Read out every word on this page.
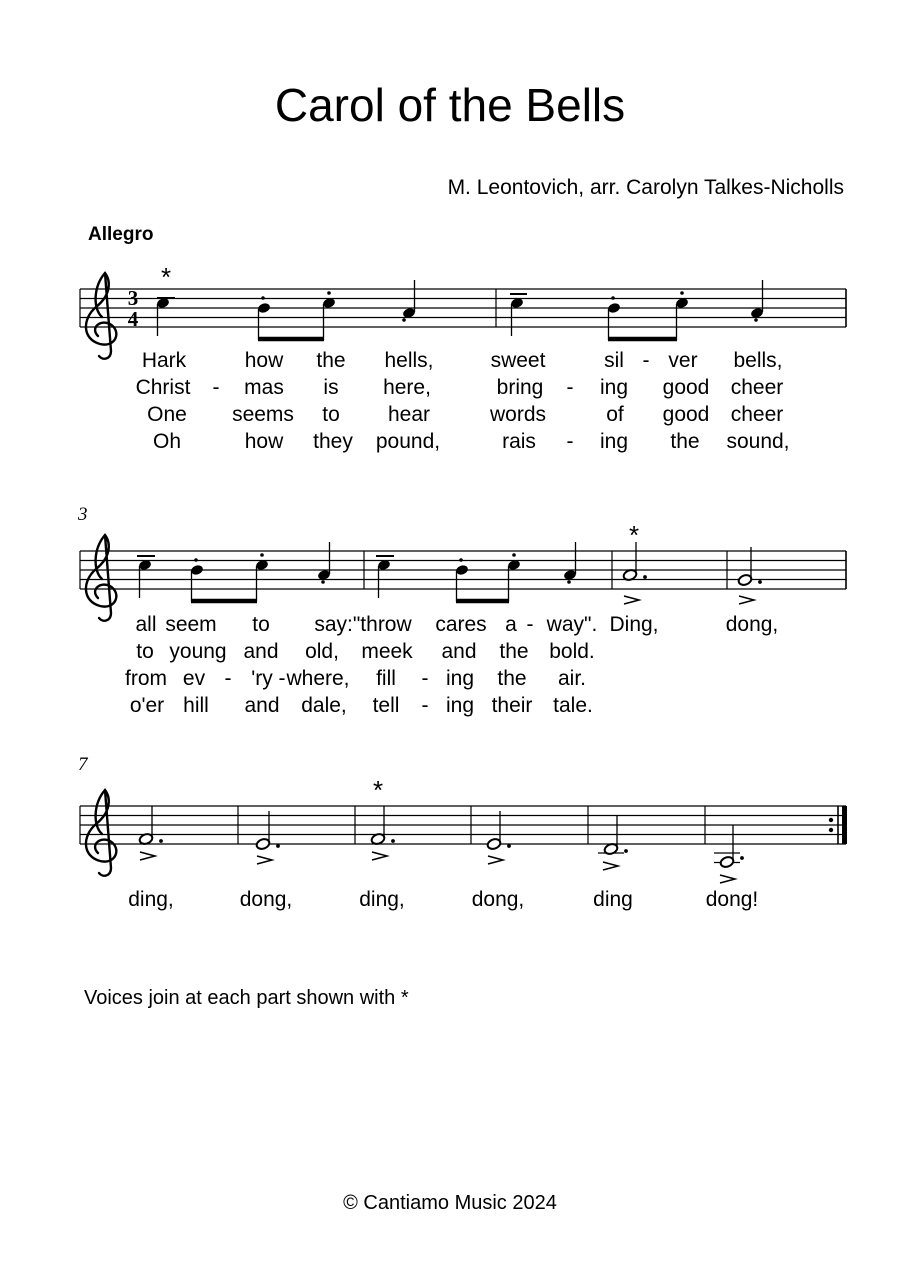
Carol of the Bells
M. Leontovich, arr. Carolyn Talkes-Nicholls
Allegro
3
7
3
4
*
*
*
Hark	how the hells,	sweet	sil - ver bells,
Christ - mas is here,	bring - ing good cheer
One seems to hear	words	of good cheer
Oh	how they pound,	rais - ing the sound,
all seem to say:"throw cares a - way". Ding,	dong,
to young and old, meek and the bold.
from ev - 'ry - where, fill - ing the air.
o'er hill and dale, tell - ing their tale.
ding,	dong,	ding,	dong,	ding	dong!
Voices join at each part shown with *
© Cantiamo Music 2024
